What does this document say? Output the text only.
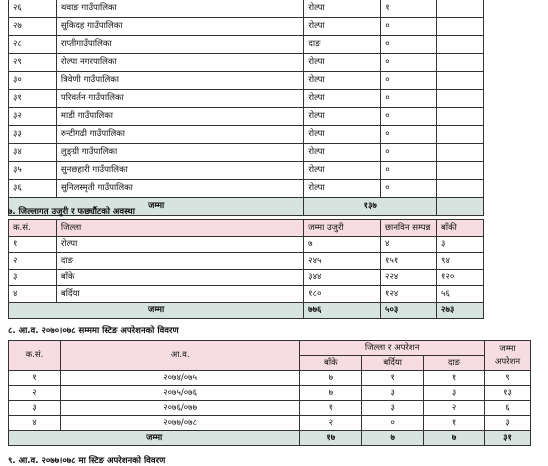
२६	थवाङ गाउँपालिका	रोल्पा	१	
२७	सुकिदह गाउँपालिका	रोल्पा	०	
२८	राप्तीगाउँपालिका	दाङ	०	
२९	रोल्पा नगरपालिका	रोल्पा	०	
३०	त्रिवेणी गाउँपालिका	रोल्पा	०	
३१	परिवर्तन गाउँपालिका	रोल्पा	०	
३२	माडी गाउँपालिका	रोल्पा	०	
३३	रुन्टीगढी गाउँपालिका	रोल्पा	०	
३४	लुङ्ग्री गाउँपालिका	रोल्पा	०	
३५	सुनछहारी गाउँपालिका	रोल्पा	०	
३६	सुनिलस्मृती गाउँपालिका	रोल्पा	०	
जम्मा		१३७		
७. जिल्लागत उजुरी र फर्छ्यौटको अवस्था
क.सं.	जिल्ला	जम्मा उजुरी	छानविन सम्पन्न	बाँकी
१	रोल्पा	७	४	३
२	दाङ	२४५	१५१	९४
३	बाँके	३४४	२२४	१२०
४	बर्दिया	१८०	१२४	५६
जम्मा		७७६	५०३	२७३
८. आ.व. २०७०।०७८ सम्ममा स्टिङ अपरेशनको विवरण
क.सं.	आ.व.	जिल्ला र अपरेशन			जम्मा अपरेशन
		बाँके	बर्दिया	दाङ	
१	२०७४/०७५	७	१	१	९
२	२०७५/०७६	७	३	३	१३
३	२०७६/०७७	१	३	२	६
४	२०७७/०७८	२	०	१	३
जम्मा		१७	७	७	३१
९. आ.व. २०७७।०७८ मा स्टिङ अपरेशनको विवरण
